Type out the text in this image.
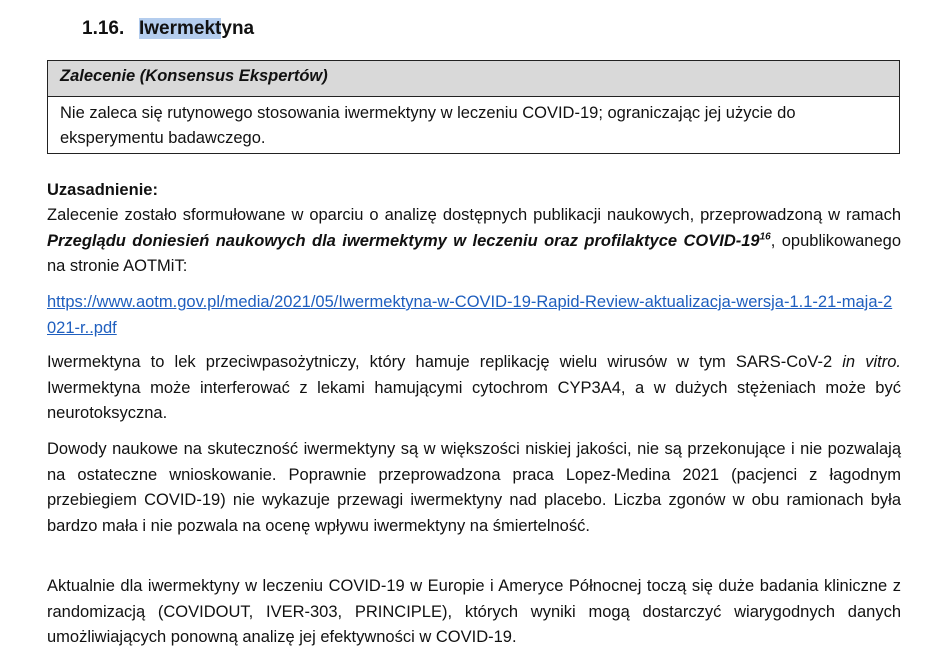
1.16. Iwermektyna
Zalecenie (Konsensus Ekspertów)
Nie zaleca się rutynowego stosowania iwermektyny w leczeniu COVID-19; ograniczając jej użycie do eksperymentu badawczego.
Uzasadnienie:
Zalecenie zostało sformułowane w oparciu o analizę dostępnych publikacji naukowych, przeprowadzoną w ramach Przeglądu doniesień naukowych dla iwermektymy w leczeniu oraz profilaktyce COVID-$19^{16}$, opublikowanego na stronie AOTMiT:
https://www.aotm.gov.pl/media/2021/05/Iwermektyna-w-COVID-19-Rapid-Review-aktualizacja-wersja-1.1-21-maja-2021-r..pdf
Iwermektyna to lek przeciwpasożytniczy, który hamuje replikację wielu wirusów w tym SARS-CoV-2 in vitro. Iwermektyna może interferować z lekami hamującymi cytochrom CYP3A4, a w dużych stężeniach może być neurotoksyczna.
Dowody naukowe na skuteczność iwermektyny są w większości niskiej jakości, nie są przekonujące i nie pozwalają na ostateczne wnioskowanie. Poprawnie przeprowadzona praca Lopez-Medina 2021 (pacjenci z łagodnym przebiegiem COVID-19) nie wykazuje przewagi iwermektyny nad placebo. Liczba zgonów w obu ramionach była bardzo mała i nie pozwala na ocenę wpływu iwermektyny na śmiertelność.
Aktualnie dla iwermektyny w leczeniu COVID-19 w Europie i Ameryce Północnej toczą się duże badania kliniczne z randomizacją (COVIDOUT, IVER-303, PRINCIPLE), których wyniki mogą dostarczyć wiarygodnych danych umożliwiających ponowną analizę jej efektywności w COVID-19.
